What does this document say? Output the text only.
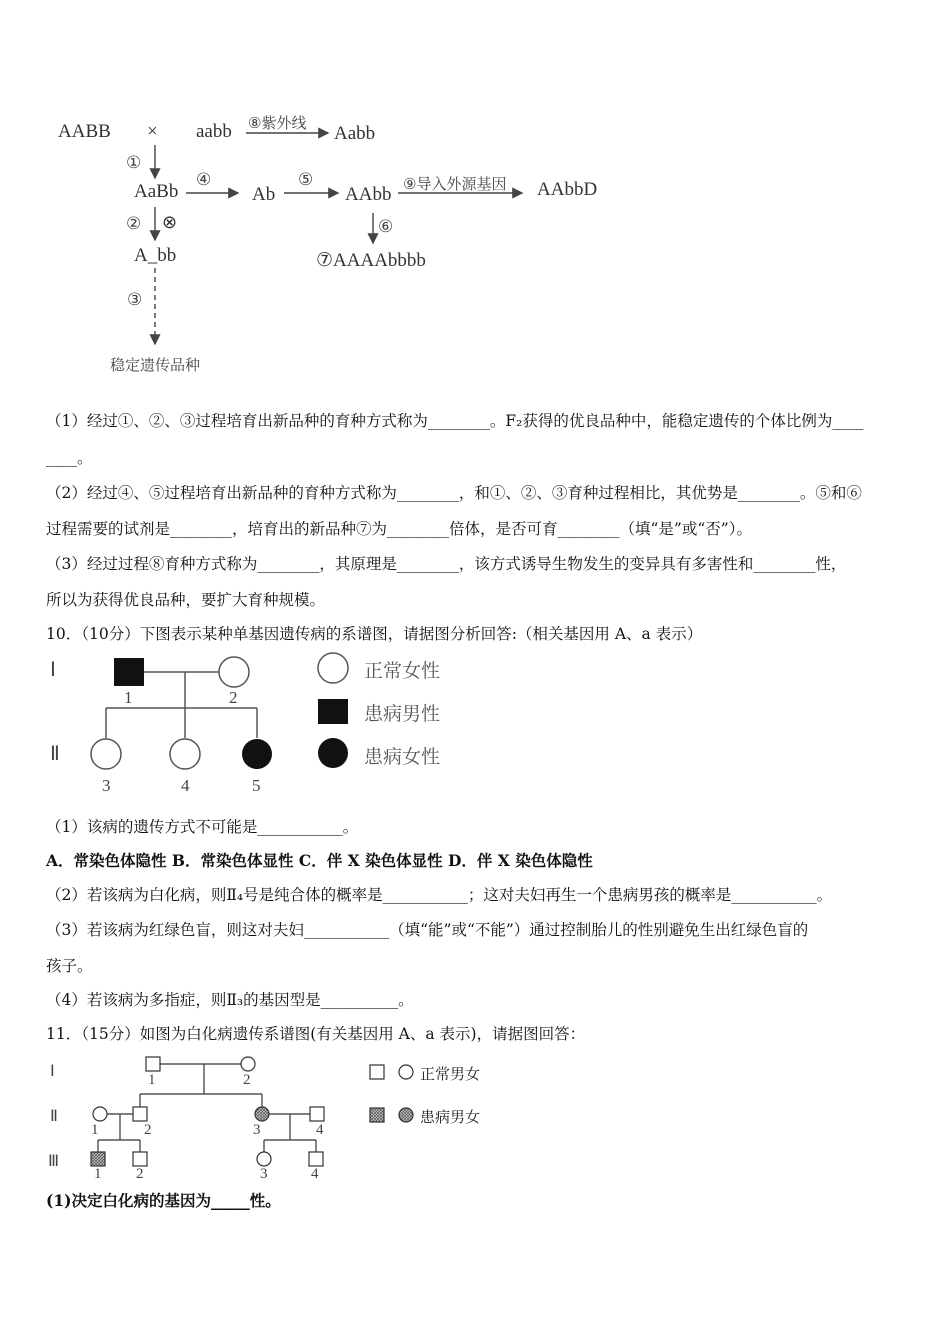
AABB × aabb ⑧紫外线 Aabb
①
AaBb
④
Ab
⑤
AAbb ⑨导入外源基因 AAbbD
② ⊗
A_bb
⑥
⑦AAAAbbbb
③
稳定遗传品种
（1）经过①、②、③过程培育出新品种的育种方式称为________。F₂获得的优良品种中，能稳定遗传的个体比例为____
____。
（2）经过④、⑤过程培育出新品种的育种方式称为________，和①、②、③育种过程相比，其优势是________。⑤和⑥
过程需要的试剂是________，培育出的新品种⑦为________倍体，是否可育________（填“是”或“否”）。
（3）经过过程⑧育种方式称为________，其原理是________，该方式诱导生物发生的变异具有多害性和________性，
所以为获得优良品种，要扩大育种规模。
10．（10分）下图表示某种单基因遗传病的系谱图，请据图分析回答:（相关基因用 A、a 表示）
Ⅰ
Ⅱ
1	2
3	4	5
正常女性
患病男性
患病女性
（1）该病的遗传方式不可能是___________。
A．常染色体隐性 B．常染色体显性 C．伴 X 染色体显性 D．伴 X 染色体隐性
（2）若该病为白化病，则Ⅱ₄号是纯合体的概率是___________；这对夫妇再生一个患病男孩的概率是___________。
（3）若该病为红绿色盲，则这对夫妇___________（填“能”或“不能”）通过控制胎儿的性别避免生出红绿色盲的
孩子。
（4）若该病为多指症，则Ⅱ₃的基因型是__________。
11．（15分）如图为白化病遗传系谱图(有关基因用 A、a 表示)，请据图回答：
Ⅰ
Ⅱ
Ⅲ
1	2
1	2	3	4
1 2	3	4
正常男女
患病男女
(1)决定白化病的基因为_____性。
